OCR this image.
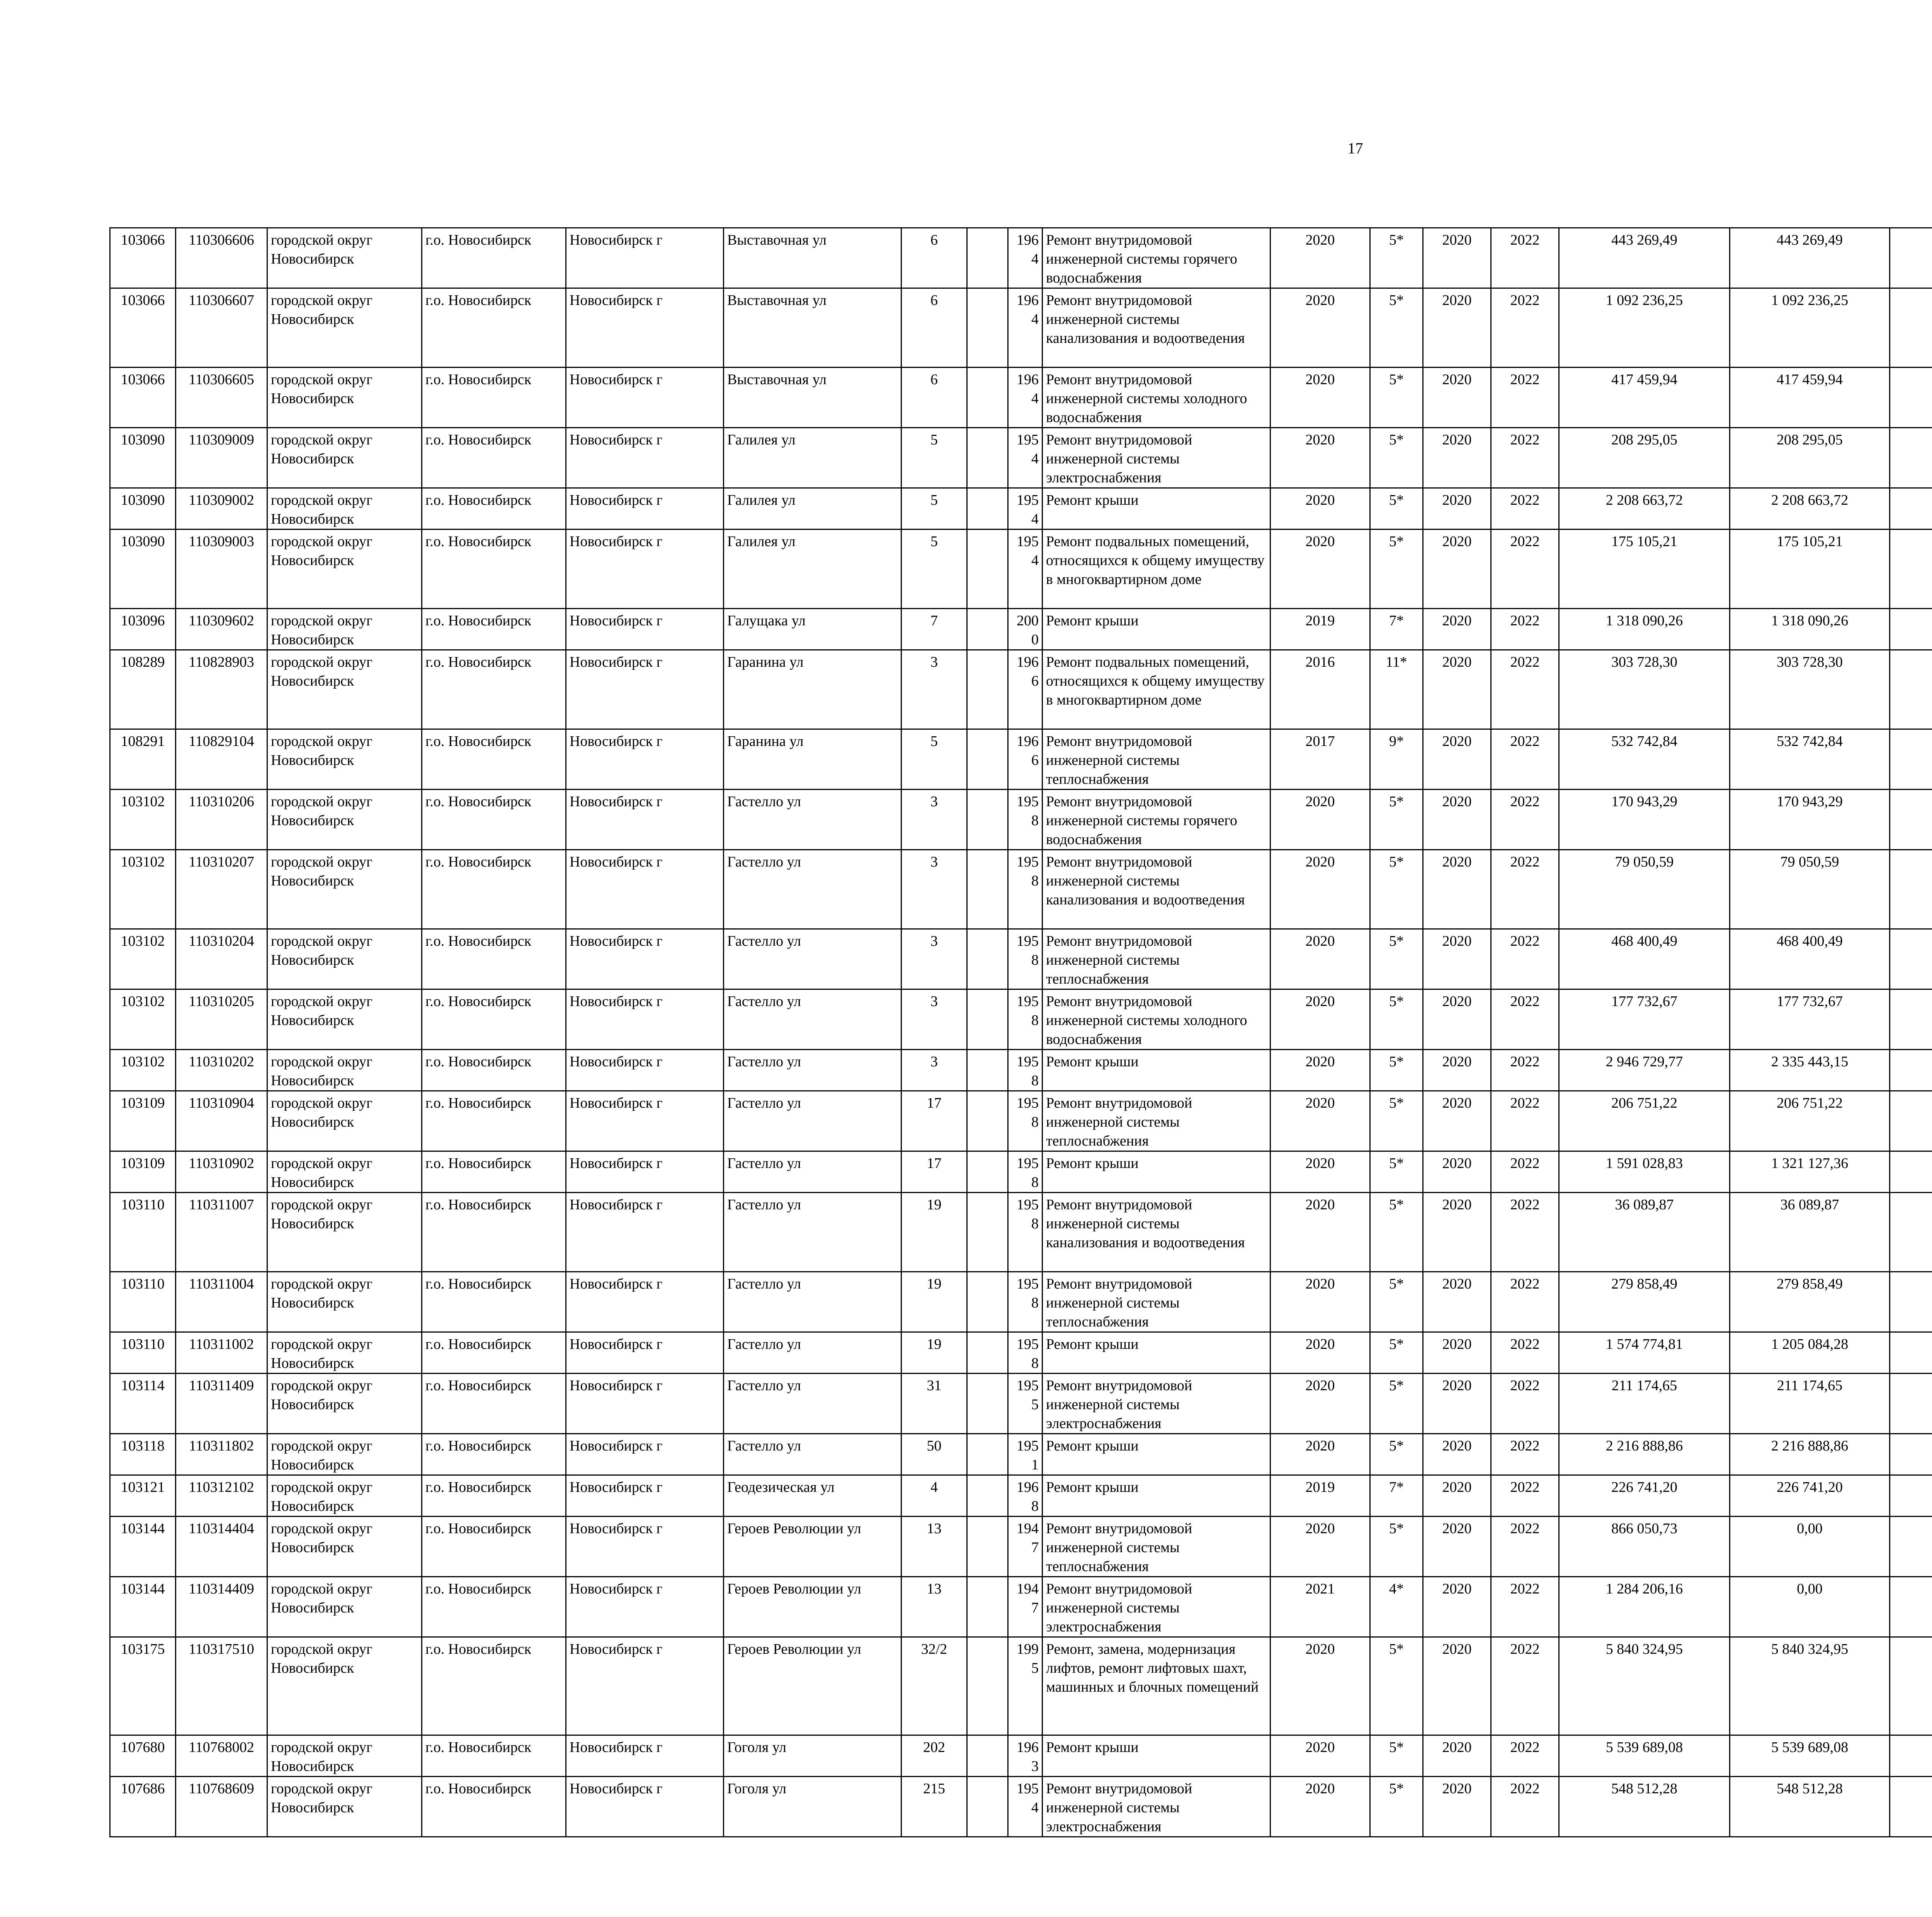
17
103066	110306606	городской округ Новосибирск	г.о. Новосибирск	Новосибирск г	Выставочная ул	6		1964	Ремонт внутридомовой инженерной системы горячего водоснабжения	2020	5*	2020	2022	443 269,49	443 269,49						
103066	110306607	городской округ Новосибирск	г.о. Новосибирск	Новосибирск г	Выставочная ул	6		1964	Ремонт внутридомовой инженерной системы канализования и водоотведения	2020	5*	2020	2022	1 092 236,25	1 092 236,25						
103066	110306605	городской округ Новосибирск	г.о. Новосибирск	Новосибирск г	Выставочная ул	6		1964	Ремонт внутридомовой инженерной системы холодного водоснабжения	2020	5*	2020	2022	417 459,94	417 459,94						
103090	110309009	городской округ Новосибирск	г.о. Новосибирск	Новосибирск г	Галилея ул	5		1954	Ремонт внутридомовой инженерной системы электроснабжения	2020	5*	2020	2022	208 295,05	208 295,05						
103090	110309002	городской округ Новосибирск	г.о. Новосибирск	Новосибирск г	Галилея ул	5		1954	Ремонт крыши	2020	5*	2020	2022	2 208 663,72	2 208 663,72						
103090	110309003	городской округ Новосибирск	г.о. Новосибирск	Новосибирск г	Галилея ул	5		1954	Ремонт подвальных помещений, относящихся к общему имуществу в многоквартирном доме	2020	5*	2020	2022	175 105,21	175 105,21						
103096	110309602	городской округ Новосибирск	г.о. Новосибирск	Новосибирск г	Галущака ул	7		2000	Ремонт крыши	2019	7*	2020	2022	1 318 090,26	1 318 090,26						
108289	110828903	городской округ Новосибирск	г.о. Новосибирск	Новосибирск г	Гаранина ул	3		1966	Ремонт подвальных помещений, относящихся к общему имуществу в многоквартирном доме	2016	11*	2020	2022	303 728,30	303 728,30						
108291	110829104	городской округ Новосибирск	г.о. Новосибирск	Новосибирск г	Гаранина ул	5		1966	Ремонт внутридомовой инженерной системы теплоснабжения	2017	9*	2020	2022	532 742,84	532 742,84						
103102	110310206	городской округ Новосибирск	г.о. Новосибирск	Новосибирск г	Гастелло ул	3		1958	Ремонт внутридомовой инженерной системы горячего водоснабжения	2020	5*	2020	2022	170 943,29	170 943,29						
103102	110310207	городской округ Новосибирск	г.о. Новосибирск	Новосибирск г	Гастелло ул	3		1958	Ремонт внутридомовой инженерной системы канализования и водоотведения	2020	5*	2020	2022	79 050,59	79 050,59						
103102	110310204	городской округ Новосибирск	г.о. Новосибирск	Новосибирск г	Гастелло ул	3		1958	Ремонт внутридомовой инженерной системы теплоснабжения	2020	5*	2020	2022	468 400,49	468 400,49						
103102	110310205	городской округ Новосибирск	г.о. Новосибирск	Новосибирск г	Гастелло ул	3		1958	Ремонт внутридомовой инженерной системы холодного водоснабжения	2020	5*	2020	2022	177 732,67	177 732,67						
103102	110310202	городской округ Новосибирск	г.о. Новосибирск	Новосибирск г	Гастелло ул	3		1958	Ремонт крыши	2020	5*	2020	2022	2 946 729,77	2 335 443,15						
103109	110310904	городской округ Новосибирск	г.о. Новосибирск	Новосибирск г	Гастелло ул	17		1958	Ремонт внутридомовой инженерной системы теплоснабжения	2020	5*	2020	2022	206 751,22	206 751,22						
103109	110310902	городской округ Новосибирск	г.о. Новосибирск	Новосибирск г	Гастелло ул	17		1958	Ремонт крыши	2020	5*	2020	2022	1 591 028,83	1 321 127,36						
103110	110311007	городской округ Новосибирск	г.о. Новосибирск	Новосибирск г	Гастелло ул	19		1958	Ремонт внутридомовой инженерной системы канализования и водоотведения	2020	5*	2020	2022	36 089,87	36 089,87						
103110	110311004	городской округ Новосибирск	г.о. Новосибирск	Новосибирск г	Гастелло ул	19		1958	Ремонт внутридомовой инженерной системы теплоснабжения	2020	5*	2020	2022	279 858,49	279 858,49						
103110	110311002	городской округ Новосибирск	г.о. Новосибирск	Новосибирск г	Гастелло ул	19		1958	Ремонт крыши	2020	5*	2020	2022	1 574 774,81	1 205 084,28						
103114	110311409	городской округ Новосибирск	г.о. Новосибирск	Новосибирск г	Гастелло ул	31		1955	Ремонт внутридомовой инженерной системы электроснабжения	2020	5*	2020	2022	211 174,65	211 174,65						
103118	110311802	городской округ Новосибирск	г.о. Новосибирск	Новосибирск г	Гастелло ул	50		1951	Ремонт крыши	2020	5*	2020	2022	2 216 888,86	2 216 888,86						
103121	110312102	городской округ Новосибирск	г.о. Новосибирск	Новосибирск г	Геодезическая ул	4		1968	Ремонт крыши	2019	7*	2020	2022	226 741,20	226 741,20						
103144	110314404	городской округ Новосибирск	г.о. Новосибирск	Новосибирск г	Героев Революции ул	13		1947	Ремонт внутридомовой инженерной системы теплоснабжения	2020	5*	2020	2022	866 050,73	0,00						
103144	110314409	городской округ Новосибирск	г.о. Новосибирск	Новосибирск г	Героев Революции ул	13		1947	Ремонт внутридомовой инженерной системы электроснабжения	2021	4*	2020	2022	1 284 206,16	0,00						
103175	110317510	городской округ Новосибирск	г.о. Новосибирск	Новосибирск г	Героев Революции ул	32/2		1995	Ремонт, замена, модернизация лифтов, ремонт лифтовых шахт, машинных и блочных помещений	2020	5*	2020	2022	5 840 324,95	5 840 324,95						
107680	110768002	городской округ Новосибирск	г.о. Новосибирск	Новосибирск г	Гоголя ул	202		1963	Ремонт крыши	2020	5*	2020	2022	5 539 689,08	5 539 689,08						
107686	110768609	городской округ Новосибирск	г.о. Новосибирск	Новосибирск г	Гоголя ул	215		1954	Ремонт внутридомовой инженерной системы электроснабжения	2020	5*	2020	2022	548 512,28	548 512,28						
